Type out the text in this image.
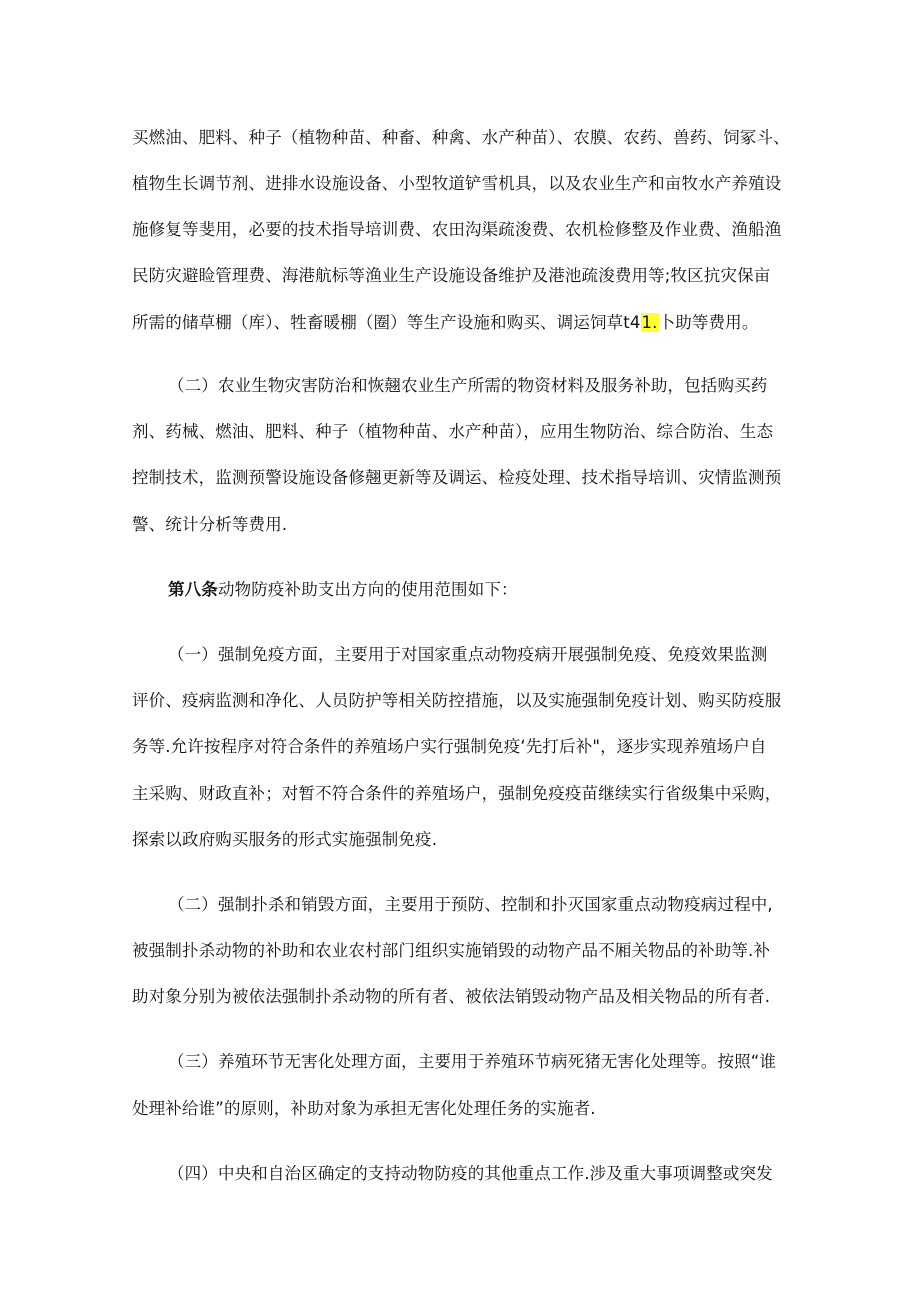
买燃油、肥料、种子（植物种苗、种畜、种禽、水产种苗）、农膜、农药、兽药、饲冢斗、
植物生长调节剂、进排水设施设备、小型牧道铲雪机具，以及农业生产和亩牧水产养殖设
施修复等斐用，必要的技术指导培训费、农田沟渠疏浚费、农机检修整及作业费、渔船渔
民防灾避睑管理费、海港航标等渔业生产设施设备维护及港池疏浚费用等;牧区抗灾保亩
所需的储草棚（库）、牲畜暖棚（圈）等生产设施和购买、调运饲草t41.卜助等费用。
（二）农业生物灾害防治和恢翹农业生产所需的物资材料及服务补助，包括购买药
剂、药械、燃油、肥料、种子（植物种苗、水产种苗），应用生物防治、综合防治、生态
控制技术，监测预警设施设备修翹更新等及调运、检疫处理、技术指导培训、灾情监测预
警、统计分析等费用.
第八条动物防疫补助支出方向的使用范围如下：
（一）强制免疫方面，主要用于对国家重点动物疫病开展强制免疫、免疫效果监测
评价、疫病监测和净化、人员防护等相关防控措施，以及实施强制免疫计划、购买防疫服
务等.允许按程序对符合条件的养殖场户实行强制免疫‘先打后补"，逐步实现养殖场户自
主采购、财政直补；对暂不符合条件的养殖场户，强制免疫疫苗继续实行省级集中采购，
探索以政府购买服务的形式实施强制免疫.
（二）强制扑杀和销毁方面，主要用于预防、控制和扑灭国家重点动物疫病过程中,
被强制扑杀动物的补助和农业农村部门组织实施销毁的动物产品不厢关物品的补助等.补
助对象分别为被依法强制扑杀动物的所有者、被依法销毁动物产品及相关物品的所有者.
（三）养殖环节无害化处理方面，主要用于养殖环节病死猪无害化处理等。按照“谁
处理补给谁”的原则，补助对象为承担无害化处理任务的实施者.
（四）中央和自治区确定的支持动物防疫的其他重点工作.涉及重大事项调整或突发
